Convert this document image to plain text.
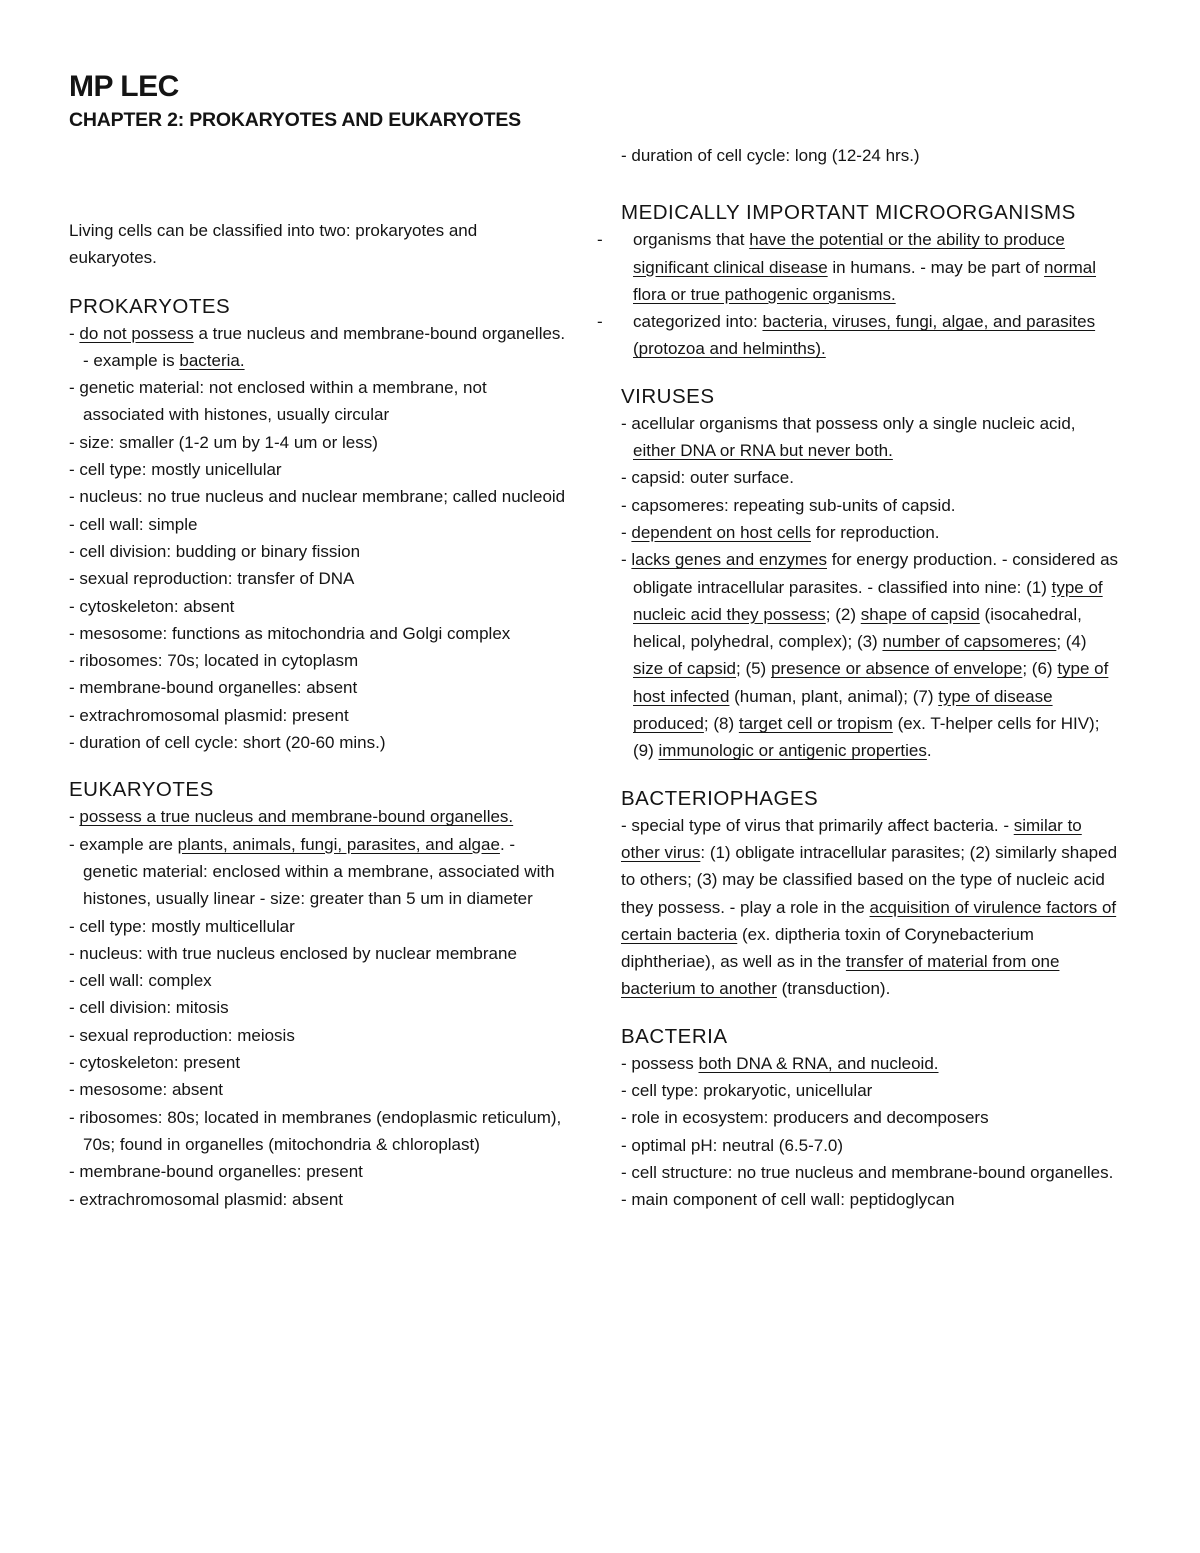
MP LEC
CHAPTER 2: PROKARYOTES AND EUKARYOTES

Living cells can be classified into two: prokaryotes and eukaryotes.

PROKARYOTES

- do not possess a true nucleus and membrane-bound organelles. - example is bacteria.

- genetic material: not enclosed within a membrane, not associated with histones, usually circular

- size: smaller (1-2 um by 1-4 um or less)

- cell type: mostly unicellular

- nucleus: no true nucleus and nuclear membrane; called nucleoid

- cell wall: simple

- cell division: budding or binary fission

- sexual reproduction: transfer of DNA

- cytoskeleton: absent

- mesosome: functions as mitochondria and Golgi complex

- ribosomes: 70s; located in cytoplasm

- membrane-bound organelles: absent

- extrachromosomal plasmid: present

- duration of cell cycle: short (20-60 mins.)

EUKARYOTES

- possess a true nucleus and membrane-bound organelles.

- example are plants, animals, fungi, parasites, and algae. - genetic material: enclosed within a membrane, associated with histones, usually linear - size: greater than 5 um in diameter

- cell type: mostly multicellular

- nucleus: with true nucleus enclosed by nuclear membrane

- cell wall: complex

- cell division: mitosis

- sexual reproduction: meiosis

- cytoskeleton: present

- mesosome: absent

- ribosomes: 80s; located in membranes (endoplasmic reticulum), 70s; found in organelles (mitochondria & chloroplast)

- membrane-bound organelles: present

- extrachromosomal plasmid: absent

- duration of cell cycle: long (12-24 hrs.)

MEDICALLY IMPORTANT MICROORGANISMS

- organisms that have the potential or the ability to produce significant clinical disease in humans. - may be part of normal flora or true pathogenic organisms.

- categorized into: bacteria, viruses, fungi, algae, and parasites (protozoa and helminths).

VIRUSES

- acellular organisms that possess only a single nucleic acid, either DNA or RNA but never both.

- capsid: outer surface.

- capsomeres: repeating sub-units of capsid.

- dependent on host cells for reproduction.

- lacks genes and enzymes for energy production. - considered as obligate intracellular parasites. - classified into nine: (1) type of nucleic acid they possess; (2) shape of capsid (isocahedral, helical, polyhedral, complex); (3) number of capsomeres; (4) size of capsid; (5) presence or absence of envelope; (6) type of host infected (human, plant, animal); (7) type of disease produced; (8) target cell or tropism (ex. T-helper cells for HIV); (9) immunologic or antigenic properties.

BACTERIOPHAGES

- special type of virus that primarily affect bacteria. - similar to other virus: (1) obligate intracellular parasites; (2) similarly shaped to others; (3) may be classified based on the type of nucleic acid they possess. - play a role in the acquisition of virulence factors of certain bacteria (ex. diptheria toxin of Corynebacterium diphtheriae), as well as in the transfer of material from one bacterium to another (transduction).

BACTERIA

- possess both DNA & RNA, and nucleoid.

- cell type: prokaryotic, unicellular

- role in ecosystem: producers and decomposers

- optimal pH: neutral (6.5-7.0)

- cell structure: no true nucleus and membrane-bound organelles.

- main component of cell wall: peptidoglycan
